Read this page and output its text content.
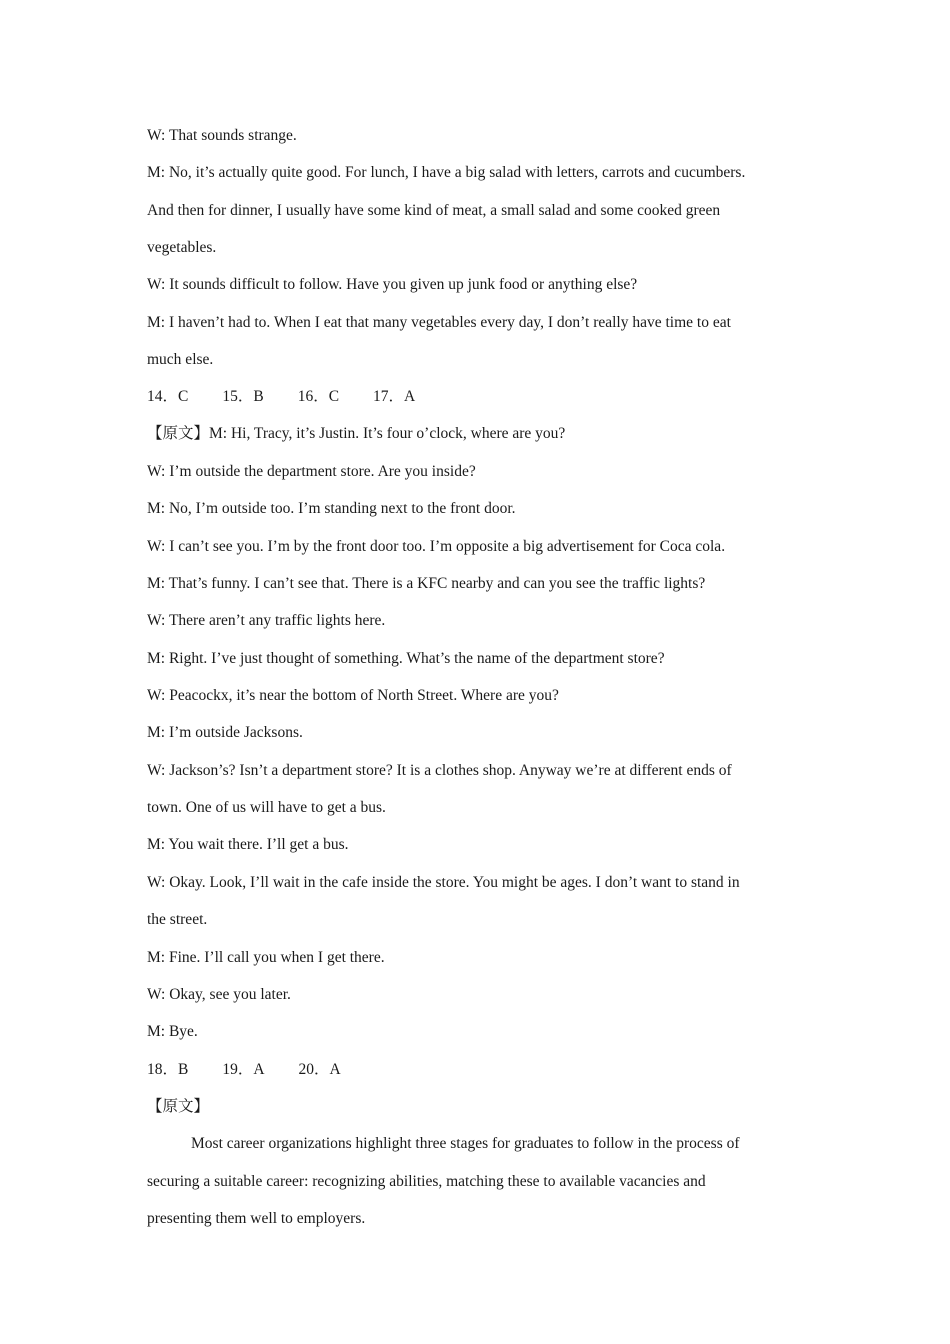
W: That sounds strange.
M: No, it’s actually quite good. For lunch, I have a big salad with letters, carrots and cucumbers.
And then for dinner, I usually have some kind of meat, a small salad and some cooked green
vegetables.
W: It sounds difficult to follow. Have you given up junk food or anything else?
M: I haven’t had to. When I eat that many vegetables every day, I don’t really have time to eat
much else.
14．C 15．B 16．C 17．A
【原文】M: Hi, Tracy, it’s Justin. It’s four o’clock, where are you?
W: I’m outside the department store. Are you inside?
M: No, I’m outside too. I’m standing next to the front door.
W: I can’t see you. I’m by the front door too. I’m opposite a big advertisement for Coca cola.
M: That’s funny. I can’t see that. There is a KFC nearby and can you see the traffic lights?
W: There aren’t any traffic lights here.
M: Right. I’ve just thought of something. What’s the name of the department store?
W: Peacockx, it’s near the bottom of North Street. Where are you?
M: I’m outside Jacksons.
W: Jackson’s? Isn’t a department store? It is a clothes shop. Anyway we’re at different ends of
town. One of us will have to get a bus.
M: You wait there. I’ll get a bus.
W: Okay. Look, I’ll wait in the cafe inside the store. You might be ages. I don’t want to stand in
the street.
M: Fine. I’ll call you when I get there.
W: Okay, see you later.
M: Bye.
18．B 19．A 20．A
【原文】
Most career organizations highlight three stages for graduates to follow in the process of
securing a suitable career: recognizing abilities, matching these to available vacancies and
presenting them well to employers.
